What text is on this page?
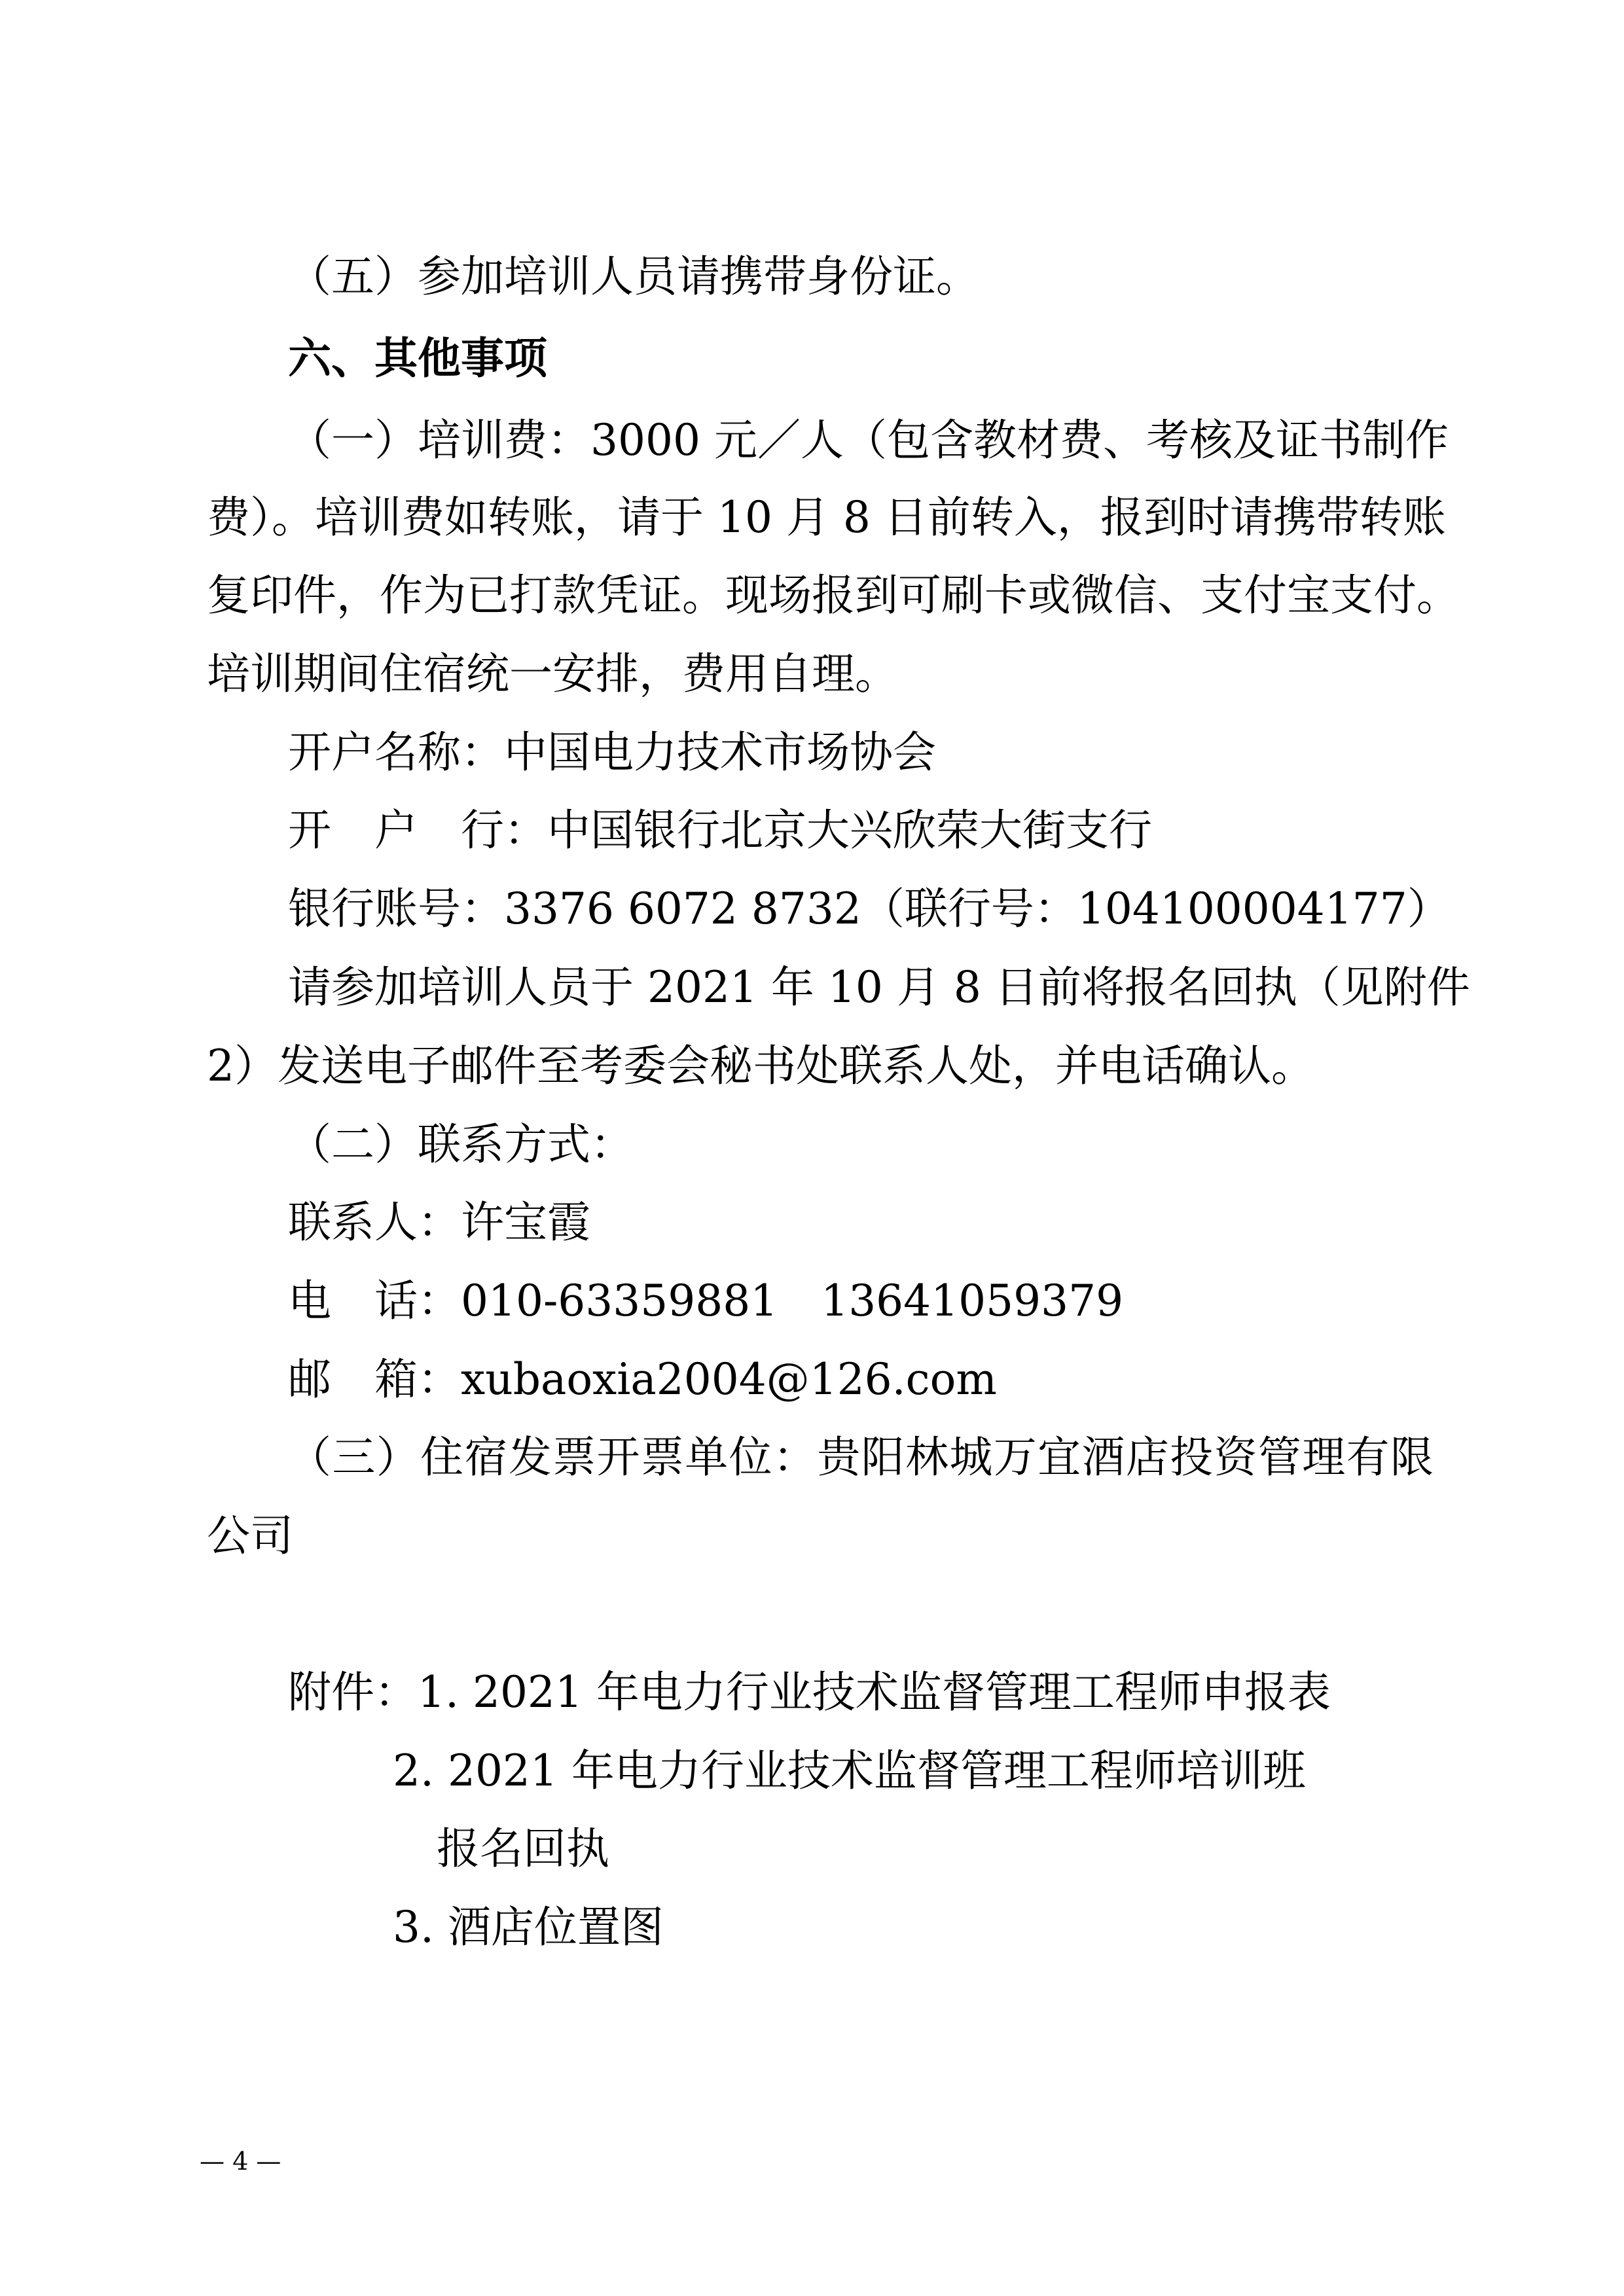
（五）参加培训人员请携带身份证。

六、其他事项

（一）培训费：3000 元／人（包含教材费、考核及证书制作

费）。培训费如转账，请于 10 月 8 日前转入，报到时请携带转账

复印件，作为已打款凭证。现场报到可刷卡或微信、支付宝支付。

培训期间住宿统一安排，费用自理。

开户名称：中国电力技术市场协会

开　户　行：中国银行北京大兴欣荣大街支行

银行账号：3376 6072 8732（联行号：104100004177）

请参加培训人员于 2021 年 10 月 8 日前将报名回执（见附件

2）发送电子邮件至考委会秘书处联系人处，并电话确认。

（二）联系方式：

联系人：许宝霞

电　话：010-63359881　13641059379

邮　箱：xubaoxia2004@126.com

（三）住宿发票开票单位：贵阳林城万宜酒店投资管理有限

公司

附件：1. 2021 年电力行业技术监督管理工程师申报表

2. 2021 年电力行业技术监督管理工程师培训班

报名回执

3. 酒店位置图

— 4 —
